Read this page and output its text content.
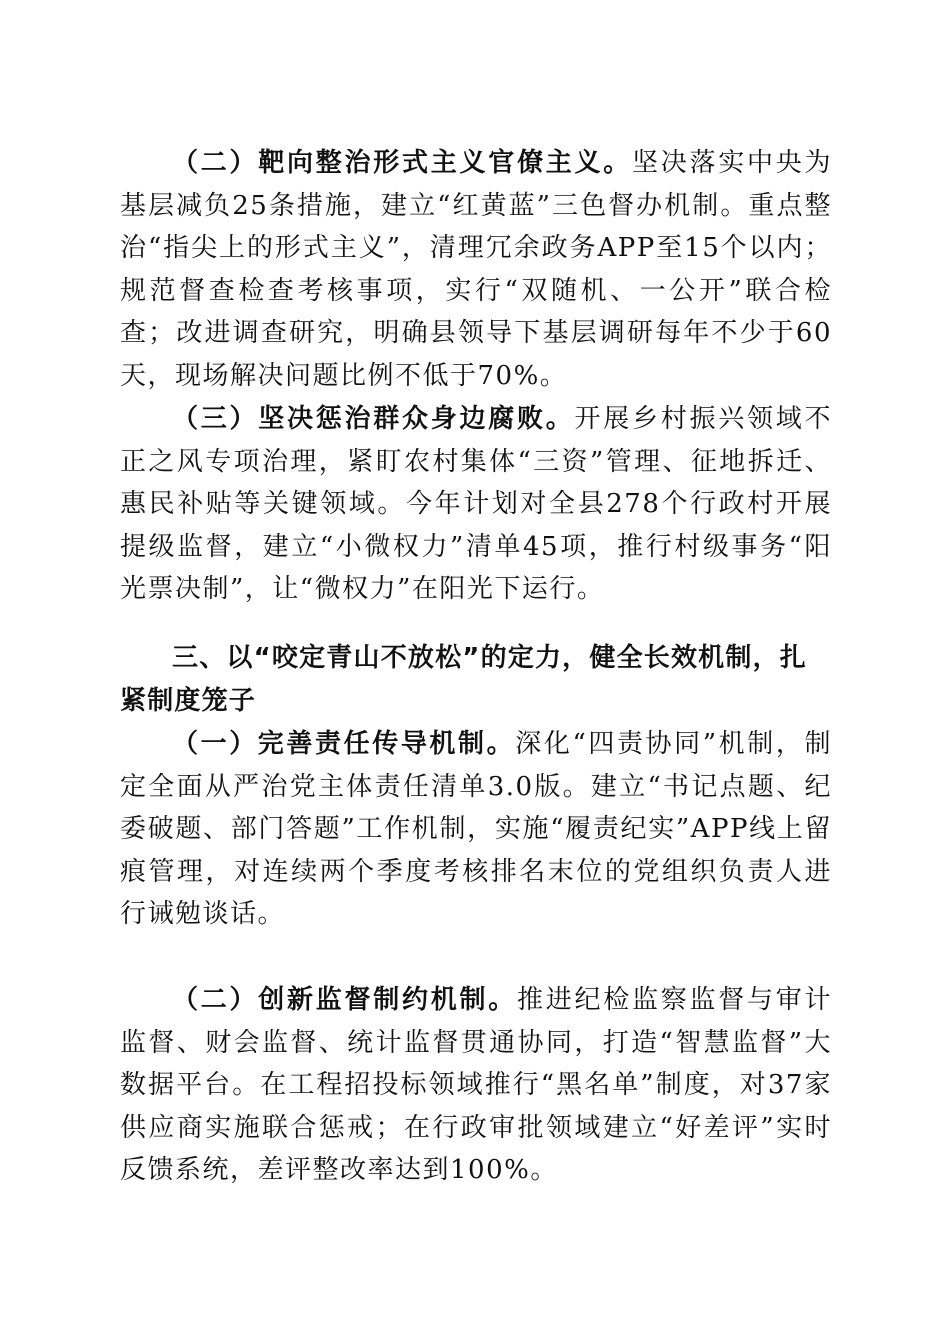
（二）靶向整治形式主义官僚主义。坚决落实中央为基层减负25条措施，建立“红黄蓝”三色督办机制。重点整治“指尖上的形式主义”，清理冗余政务APP至15个以内；规范督查检查考核事项，实行“双随机、一公开”联合检查；改进调查研究，明确县领导下基层调研每年不少于60天，现场解决问题比例不低于70%。

（三）坚决惩治群众身边腐败。开展乡村振兴领域不正之风专项治理，紧盯农村集体“三资”管理、征地拆迁、惠民补贴等关键领域。今年计划对全县278个行政村开展提级监督，建立“小微权力”清单45项，推行村级事务“阳光票决制”，让“微权力”在阳光下运行。

三、以“咬定青山不放松”的定力，健全长效机制，扎紧制度笼子

（一）完善责任传导机制。深化“四责协同”机制，制定全面从严治党主体责任清单3.0版。建立“书记点题、纪委破题、部门答题”工作机制，实施“履责纪实”APP线上留痕管理，对连续两个季度考核排名末位的党组织负责人进行诫勉谈话。

（二）创新监督制约机制。推进纪检监察监督与审计监督、财会监督、统计监督贯通协同，打造“智慧监督”大数据平台。在工程招投标领域推行“黑名单”制度，对37家供应商实施联合惩戒；在行政审批领域建立“好差评”实时反馈系统，差评整改率达到100%。
